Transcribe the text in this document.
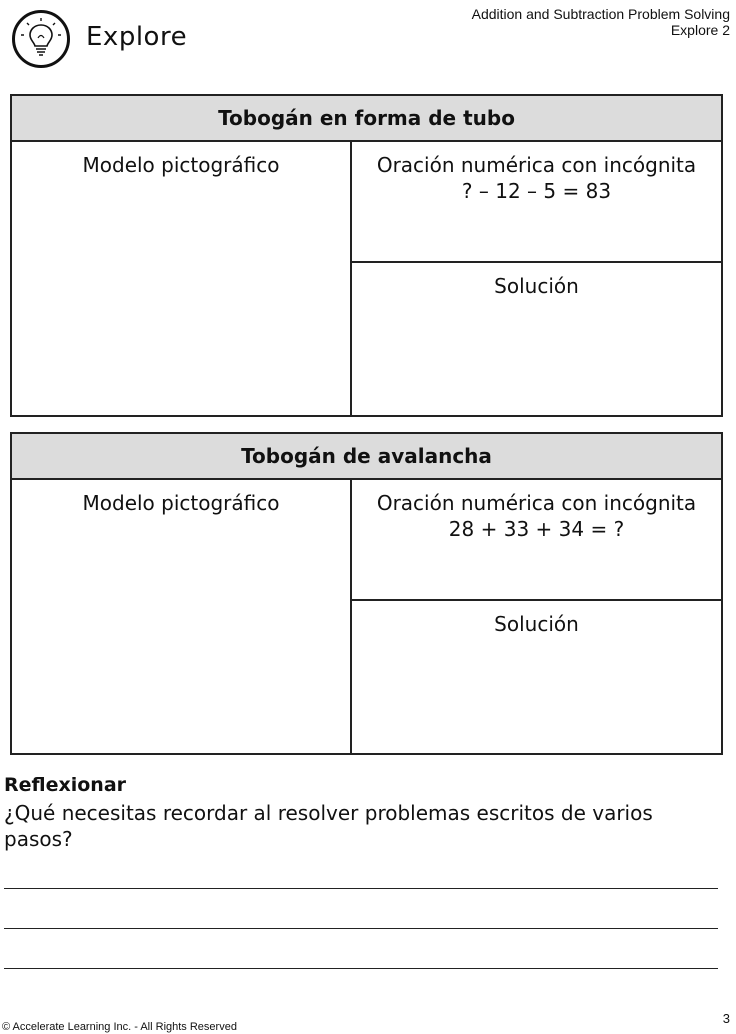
Explore
Addition and Subtraction Problem Solving
Explore 2
Tobogán en forma de tubo
Modelo pictográfico	Oración numérica con incógnita
? – 12 – 5 = 83
Solución
Tobogán de avalancha
Modelo pictográfico	Oración numérica con incógnita
28 + 33 + 34 = ?
Solución
Reflexionar
¿Qué necesitas recordar al resolver problemas escritos de varios pasos?
© Accelerate Learning Inc. - All Rights Reserved
3
